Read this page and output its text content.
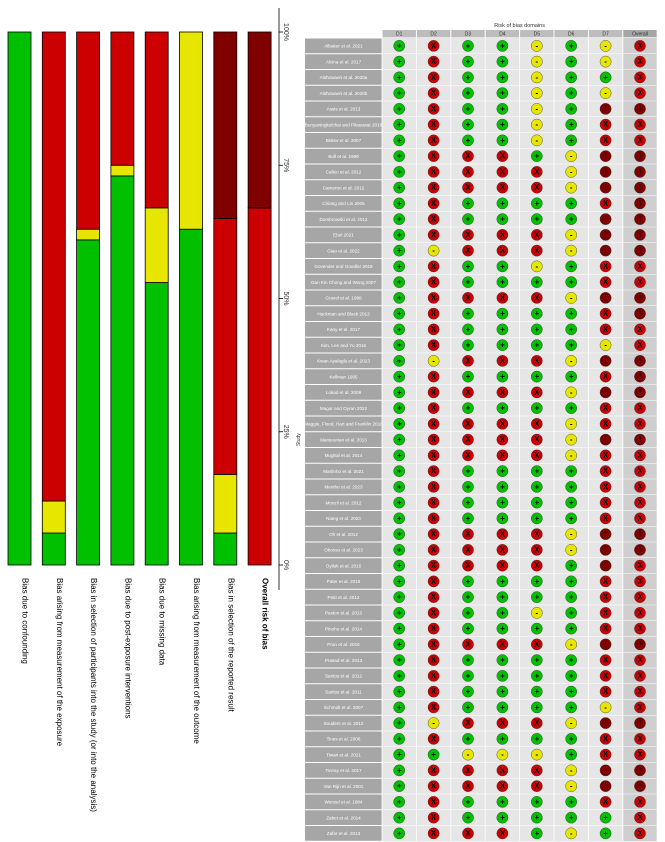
Bias due to confounding	Bias arising from measurement of the exposure	Bias in selection of participants into the study (or into the analysis)	Bias due to post-exposure interventions	Bias due to missing data	Bias arising from measurement of the outcome	Bias in selection of the reported result	Overall risk of bias
0%
25%
50%
75%
100%	Risk of bias domains
D1	D2	D3	D4	D5	D6	D7	Overall
Study
Albaker et al. 2021	+	X	+	+	-	+	-	X
Alcina et al. 2017	+	X	+	+	-	+	-	X
Alshowaeri et al. 2020a	+	X	+	+	-	+	+	X
Alshowaeri et al. 2020b	+	X	+	+	-	+	-	X
Assis et al. 2013	+	X	+	+	-	+	!	!
Bunyaningkulchai and Pilasuwat 2018 +	X	+	+	-	+	X	X
Bülow et al. 2007	+	X	+	+	-	+	X	X
Bull et al. 1999	+	X	X	X	+	-	!	!
Calleo et al. 2012	+	X	X	X	X	-	!	!
Cameron et al. 2012	+	X	X	X	X	-	!	!
Chiang and Lin 2005	+	X	+	+	+	+	X	!
Dombrowski et al. 2012	+	X	+	+	+	+	!	!
Ebel 2021	+	X	X	X	X	-	!	!
Giao et al. 2022	+	-	X	X	X	-	!	!
Govender and Goodlar 2018	+	X	+	+	-	+	X	X
Gan Kin Chong and Wong 2007	+	X	+	+	+	+	X	X
Gravel et al. 1998	+	X	X	X	X	-	!	!
Hackman and Black 2013	+	X	+	+	+	+	X	!
Kany et al. 2017	+	X	+	+	+	+	X	X
Kim, Lee and Yu 2015	+	X	+	+	+	+	-	X
Kwan Ayaloglu et al. 2023	+	-	X	X	X	-	!	!
Kellman 1995	+	X	+	+	+	+	X	!
Lokad et al. 2009	+	X	X	X	X	-	!	!
Magar and Oyran 2022	+	X	+	+	+	+	X	X
Maggio, Flood, Hart and Franklin 2016 +	X	X	X	X	-	X	X
Mansourian et al. 2013	+	X	X	X	X	-	!	!
Mughal et al. 2014	+	X	X	X	X	-	X	X
Martinho et al. 2021	+	X	+	+	+	+	X	X
Menthe et al. 2023	+	X	+	+	+	+	X	X
Monzil et al. 2012	+	X	+	+	+	+	X	X
Niang et al. 2023	+	X	+	+	+	+	X	X
Oh et al. 2012	+	X	X	X	X	-	!	!
Okonso et al. 2023	+	X	X	X	X	-	!	!
Oyiluk et al. 2015	+	X	X	X	X	+	!	X
Pater et al. 2015	+	X	+	+	+	+	X	X
Petit et al. 2012	+	X	+	+	+	+	X	X
Paxton et al. 2013	+	X	+	+	-	+	X	X
Pinoho et al. 2014	+	X	+	+	+	+	X	X
Pron et al. 2016	+	X	X	X	X	-	!	!
Prasad et al. 2013	+	X	+	+	+	+	X	X
Santos et al. 2012	+	X	+	+	+	+	X	X
Santos et al. 2011	+	X	+	+	+	+	X	X
Schmidt et al. 2007	+	X	+	+	+	+	-	X
Souders et al. 2012	+	-	X	X	X	-	!	!
Tines et al. 2006	+	X	+	+	+	+	X	X
Tiwari et al. 2021	+	+	-	-	-	+	X	X
Tovray et al. 2017	+	X	X	X	X	-	!	!
Van Rijn et al. 2001	+	X	X	X	X	-	!	!
Wenzel et al. 1984	+	X	+	+	+	+	X	X
Zabet et al. 2014	+	X	+	+	+	+	+	X
Zafar et al. 2013	+	X	X	X	+	-	+	X
